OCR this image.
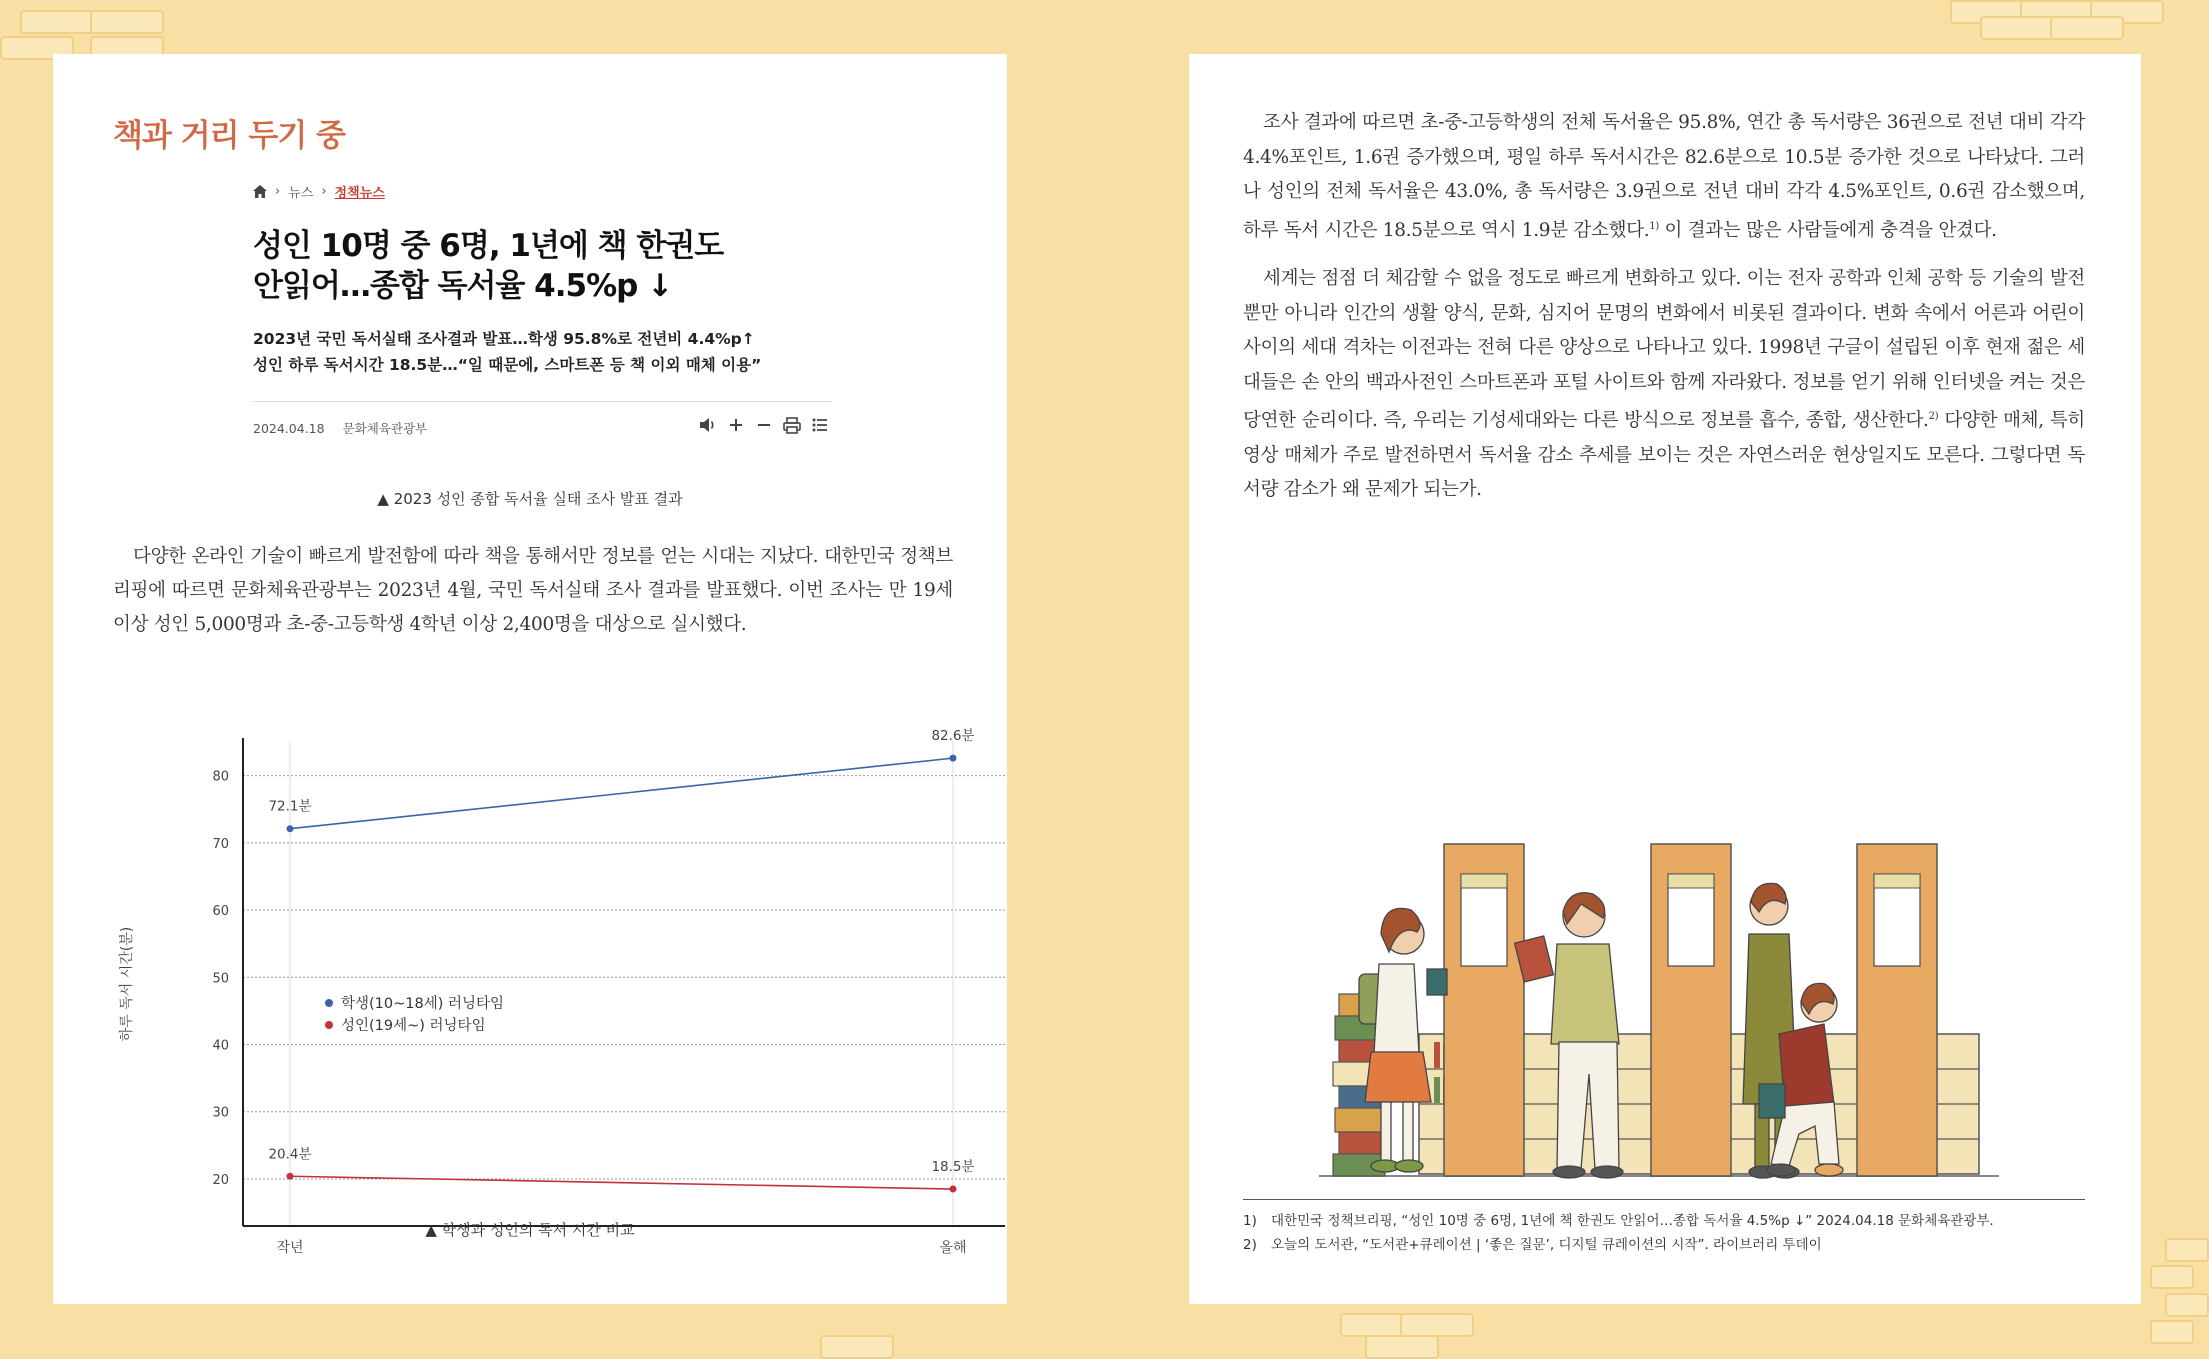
책과 거리 두기 중
› 뉴스 › 정책뉴스
성인 10명 중 6명, 1년에 책 한권도
안읽어…종합 독서율 4.5%p ↓
2023년 국민 독서실태 조사결과 발표…학생 95.8%로 전년비 4.4%p↑
성인 하루 독서시간 18.5분…“일 때문에, 스마트폰 등 책 이외 매체 이용”
2024.04.18 문화체육관광부
▲ 2023 성인 종합 독서율 실태 조사 발표 결과
다양한 온라인 기술이 빠르게 발전함에 따라 책을 통해서만 정보를 얻는 시대는 지났다. 대한민국 정책브리핑에 따르면 문화체육관광부는 2023년 4월, 국민 독서실태 조사 결과를 발표했다. 이번 조사는 만 19세 이상 성인 5,000명과 초-중-고등학생 4학년 이상 2,400명을 대상으로 실시했다.
20
30
40
50
60
70
80
작년	올해
72.1분
82.6분
20.4분
18.5분
학생(10~18세) 러닝타임
성인(19세~) 러닝타임
하루 독서 시간(분)
▲ 학생과 성인의 독서 시간 비교
조사 결과에 따르면 초-중-고등학생의 전체 독서율은 95.8%, 연간 총 독서량은 36권으로 전년 대비 각각 4.4%포인트, 1.6권 증가했으며, 평일 하루 독서시간은 82.6분으로 10.5분 증가한 것으로 나타났다. 그러나 성인의 전체 독서율은 43.0%, 총 독서량은 3.9권으로 전년 대비 각각 4.5%포인트, 0.6권 감소했으며, 하루 독서 시간은 18.5분으로 역시 1.9분 감소했다.$^{1)}$ 이 결과는 많은 사람들에게 충격을 안겼다.
세계는 점점 더 체감할 수 없을 정도로 빠르게 변화하고 있다. 이는 전자 공학과 인체 공학 등 기술의 발전 뿐만 아니라 인간의 생활 양식, 문화, 심지어 문명의 변화에서 비롯된 결과이다. 변화 속에서 어른과 어린이 사이의 세대 격차는 이전과는 전혀 다른 양상으로 나타나고 있다. 1998년 구글이 설립된 이후 현재 젊은 세대들은 손 안의 백과사전인 스마트폰과 포털 사이트와 함께 자라왔다. 정보를 얻기 위해 인터넷을 켜는 것은 당연한 순리이다. 즉, 우리는 기성세대와는 다른 방식으로 정보를 흡수, 종합, 생산한다.$^{2)}$ 다양한 매체, 특히 영상 매체가 주로 발전하면서 독서율 감소 추세를 보이는 것은 자연스러운 현상일지도 모른다. 그렇다면 독서량 감소가 왜 문제가 되는가.
1) 대한민국 정책브리핑, “성인 10명 중 6명, 1년에 책 한권도 안읽어…종합 독서율 4.5%p ↓” 2024.04.18 문화체육관광부.
2) 오늘의 도서관, “도서관+큐레이션 | ‘좋은 질문’, 디지털 큐레이션의 시작”. 라이브러리 투데이
